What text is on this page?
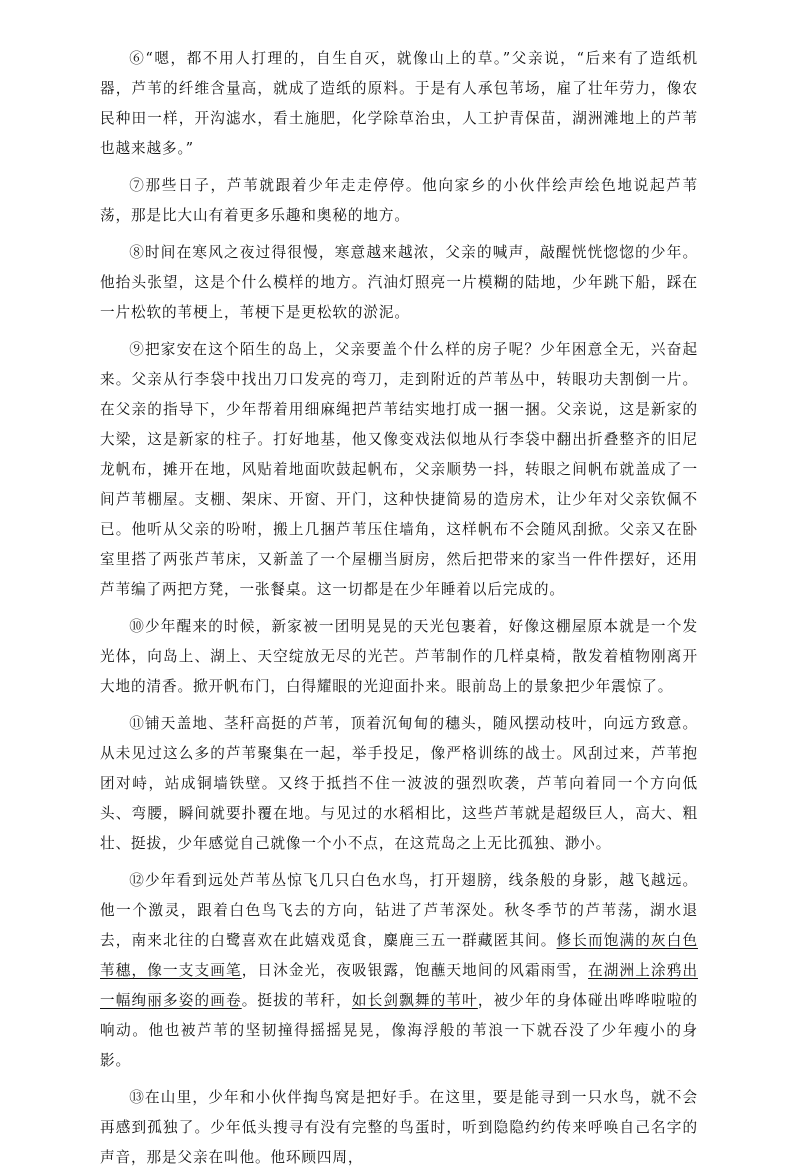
⑥“嗯，都不用人打理的，自生自灭，就像山上的草。”父亲说，“后来有了造纸机器，芦苇的纤维含量高，就成了造纸的原料。于是有人承包苇场，雇了壮年劳力，像农民种田一样，开沟滤水，看土施肥，化学除草治虫，人工护青保苗，湖洲滩地上的芦苇也越来越多。”

⑦那些日子，芦苇就跟着少年走走停停。他向家乡的小伙伴绘声绘色地说起芦苇荡，那是比大山有着更多乐趣和奥秘的地方。

⑧时间在寒风之夜过得很慢，寒意越来越浓，父亲的喊声，敲醒恍恍惚惚的少年。他抬头张望，这是个什么模样的地方。汽油灯照亮一片模糊的陆地，少年跳下船，踩在一片松软的苇梗上，苇梗下是更松软的淤泥。

⑨把家安在这个陌生的岛上，父亲要盖个什么样的房子呢？少年困意全无，兴奋起来。父亲从行李袋中找出刀口发亮的弯刀，走到附近的芦苇丛中，转眼功夫割倒一片。在父亲的指导下，少年帮着用细麻绳把芦苇结实地打成一捆一捆。父亲说，这是新家的大梁，这是新家的柱子。打好地基，他又像变戏法似地从行李袋中翻出折叠整齐的旧尼龙帆布，摊开在地，风贴着地面吹鼓起帆布，父亲顺势一抖，转眼之间帆布就盖成了一间芦苇棚屋。支棚、架床、开窗、开门，这种快捷简易的造房术，让少年对父亲钦佩不已。他听从父亲的吩咐，搬上几捆芦苇压住墙角，这样帆布不会随风刮掀。父亲又在卧室里搭了两张芦苇床，又新盖了一个屋棚当厨房，然后把带来的家当一件件摆好，还用芦苇编了两把方凳，一张餐桌。这一切都是在少年睡着以后完成的。

⑩少年醒来的时候，新家被一团明晃晃的天光包裹着，好像这棚屋原本就是一个发光体，向岛上、湖上、天空绽放无尽的光芒。芦苇制作的几样桌椅，散发着植物刚离开大地的清香。掀开帆布门，白得耀眼的光迎面扑来。眼前岛上的景象把少年震惊了。

⑪铺天盖地、茎秆高挺的芦苇，顶着沉甸甸的穗头，随风摆动枝叶，向远方致意。从未见过这么多的芦苇聚集在一起，举手投足，像严格训练的战士。风刮过来，芦苇抱团对峙，站成铜墙铁壁。又终于抵挡不住一波波的强烈吹袭，芦苇向着同一个方向低头、弯腰，瞬间就要扑覆在地。与见过的水稻相比，这些芦苇就是超级巨人，高大、粗壮、挺拔，少年感觉自己就像一个小不点，在这荒岛之上无比孤独、渺小。

⑫少年看到远处芦苇丛惊飞几只白色水鸟，打开翅膀，线条般的身影，越飞越远。他一个激灵，跟着白色鸟飞去的方向，钻进了芦苇深处。秋冬季节的芦苇荡，湖水退去，南来北往的白鹭喜欢在此嬉戏觅食，麋鹿三五一群藏匿其间。修长而饱满的灰白色苇穗，像一支支画笔，日沐金光，夜吸银露，饱蘸天地间的风霜雨雪，在湖洲上涂鸦出一幅绚丽多姿的画卷。挺拔的苇秆，如长剑飘舞的苇叶，被少年的身体碰出哗哗啦啦的响动。他也被芦苇的坚韧撞得摇摇晃晃，像海浮般的苇浪一下就吞没了少年瘦小的身影。

⑬在山里，少年和小伙伴掏鸟窝是把好手。在这里，要是能寻到一只水鸟，就不会再感到孤独了。少年低头搜寻有没有完整的鸟蛋时，听到隐隐约约传来呼唤自己名字的声音，那是父亲在叫他。他环顾四周，
